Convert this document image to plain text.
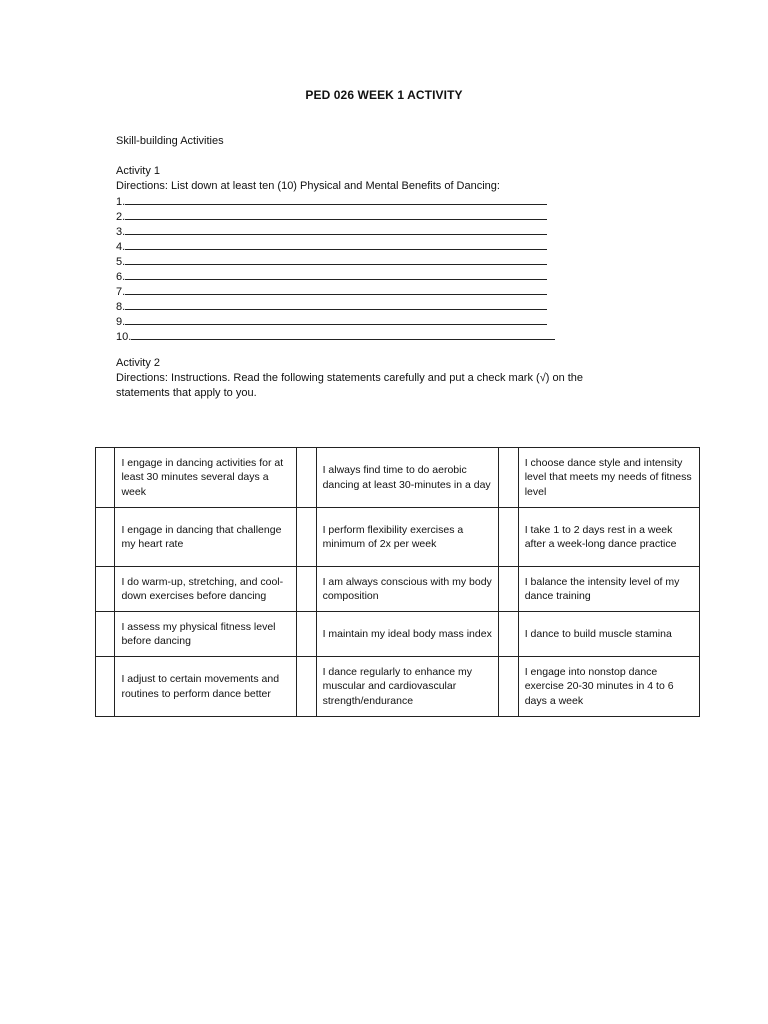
PED 026 WEEK 1 ACTIVITY
Skill-building Activities
Activity 1
Directions: List down at least ten (10) Physical and Mental Benefits of Dancing:
1.
2.
3.
4.
5.
6.
7.
8.
9.
10.
Activity 2
Directions: Instructions. Read the following statements carefully and put a check mark (√) on the statements that apply to you.
	I engage in dancing activities for at least 30 minutes several days a week		I always find time to do aerobic dancing at least 30-minutes in a day		I choose dance style and intensity level that meets my needs of fitness level
	I engage in dancing that challenge my heart rate		I perform flexibility exercises a minimum of 2x per week		I take 1 to 2 days rest in a week after a week-long dance practice
	I do warm-up, stretching, and cool-down exercises before dancing		I am always conscious with my body composition		I balance the intensity level of my dance training
	I assess my physical fitness level before dancing		I maintain my ideal body mass index		I dance to build muscle stamina
	I adjust to certain movements and routines to perform dance better		I dance regularly to enhance my muscular and cardiovascular strength/endurance		I engage into nonstop dance exercise 20-30 minutes in 4 to 6 days a week
